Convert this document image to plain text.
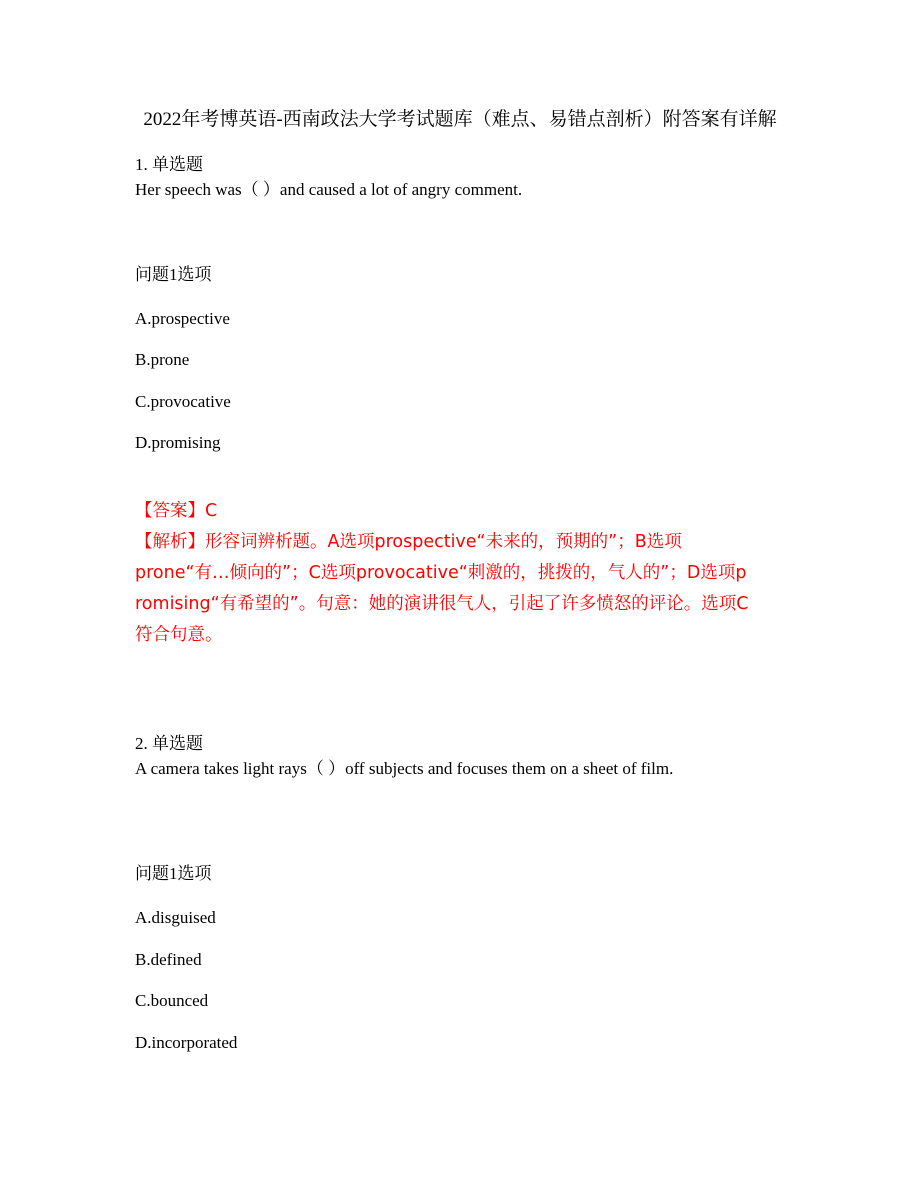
2022年考博英语-西南政法大学考试题库（难点、易错点剖析）附答案有详解
1. 单选题
Her speech was（ ）and caused a lot of angry comment.
问题1选项
A.prospective
B.prone
C.provocative
D.promising
【答案】C
【解析】形容词辨析题。A选项prospective“未来的，预期的”；B选项
prone“有…倾向的”；C选项provocative“刺激的，挑拨的，气人的”；D选项p
romising“有希望的”。句意：她的演讲很气人，引起了许多愤怒的评论。选项C
符合句意。
2. 单选题
A camera takes light rays（ ）off subjects and focuses them on a sheet of film.
问题1选项
A.disguised
B.defined
C.bounced
D.incorporated
